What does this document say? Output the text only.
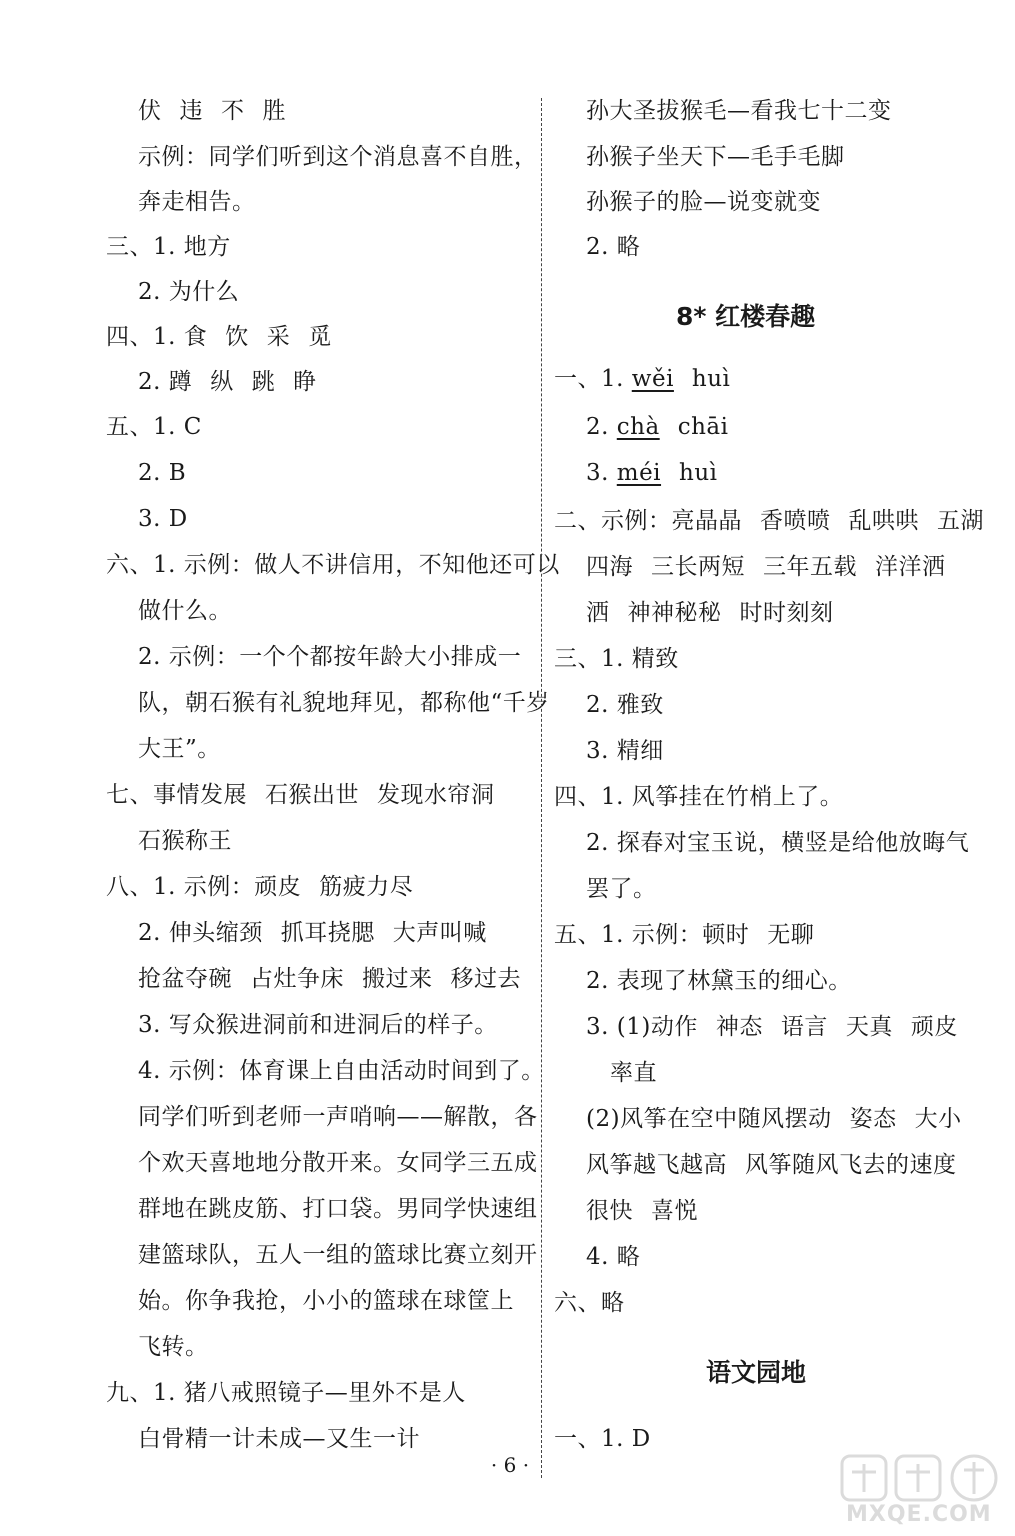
伏 违 不 胜
示例：同学们听到这个消息喜不自胜，
奔走相告。
三、1. 地方
2. 为什么
四、1. 食 饮 采 觅
2. 蹲 纵 跳 睁
五、1. C
2. B
3. D
六、1. 示例：做人不讲信用，不知他还可以
做什么。
2. 示例：一个个都按年龄大小排成一
队，朝石猴有礼貌地拜见，都称他“千岁
大王”。
七、事情发展 石猴出世 发现水帘洞
石猴称王
八、1. 示例：顽皮 筋疲力尽
2. 伸头缩颈 抓耳挠腮 大声叫喊
抢盆夺碗 占灶争床 搬过来 移过去
3. 写众猴进洞前和进洞后的样子。
4. 示例：体育课上自由活动时间到了。
同学们听到老师一声哨响——解散，各
个欢天喜地地分散开来。女同学三五成
群地在跳皮筋、打口袋。男同学快速组
建篮球队，五人一组的篮球比赛立刻开
始。你争我抢，小小的篮球在球筐上
飞转。
九、1. 猪八戒照镜子—里外不是人
白骨精一计未成—又生一计
孙大圣拔猴毛—看我七十二变
孙猴子坐天下—毛手毛脚
孙猴子的脸—说变就变
2. 略
8* 红楼春趣
一、1. wěi huì
2. chà chāi
3. méi huì
二、示例：亮晶晶 香喷喷 乱哄哄 五湖
四海 三长两短 三年五载 洋洋洒
洒 神神秘秘 时时刻刻
三、1. 精致
2. 雅致
3. 精细
四、1. 风筝挂在竹梢上了。
2. 探春对宝玉说，横竖是给他放晦气
罢了。
五、1. 示例：顿时 无聊
2. 表现了林黛玉的细心。
3. (1)动作 神态 语言 天真 顽皮
率直
(2)风筝在空中随风摆动 姿态 大小
风筝越飞越高 风筝随风飞去的速度
很快 喜悦
4. 略
六、略
语文园地
一、1. D
· 6 ·
MXQE.COM
